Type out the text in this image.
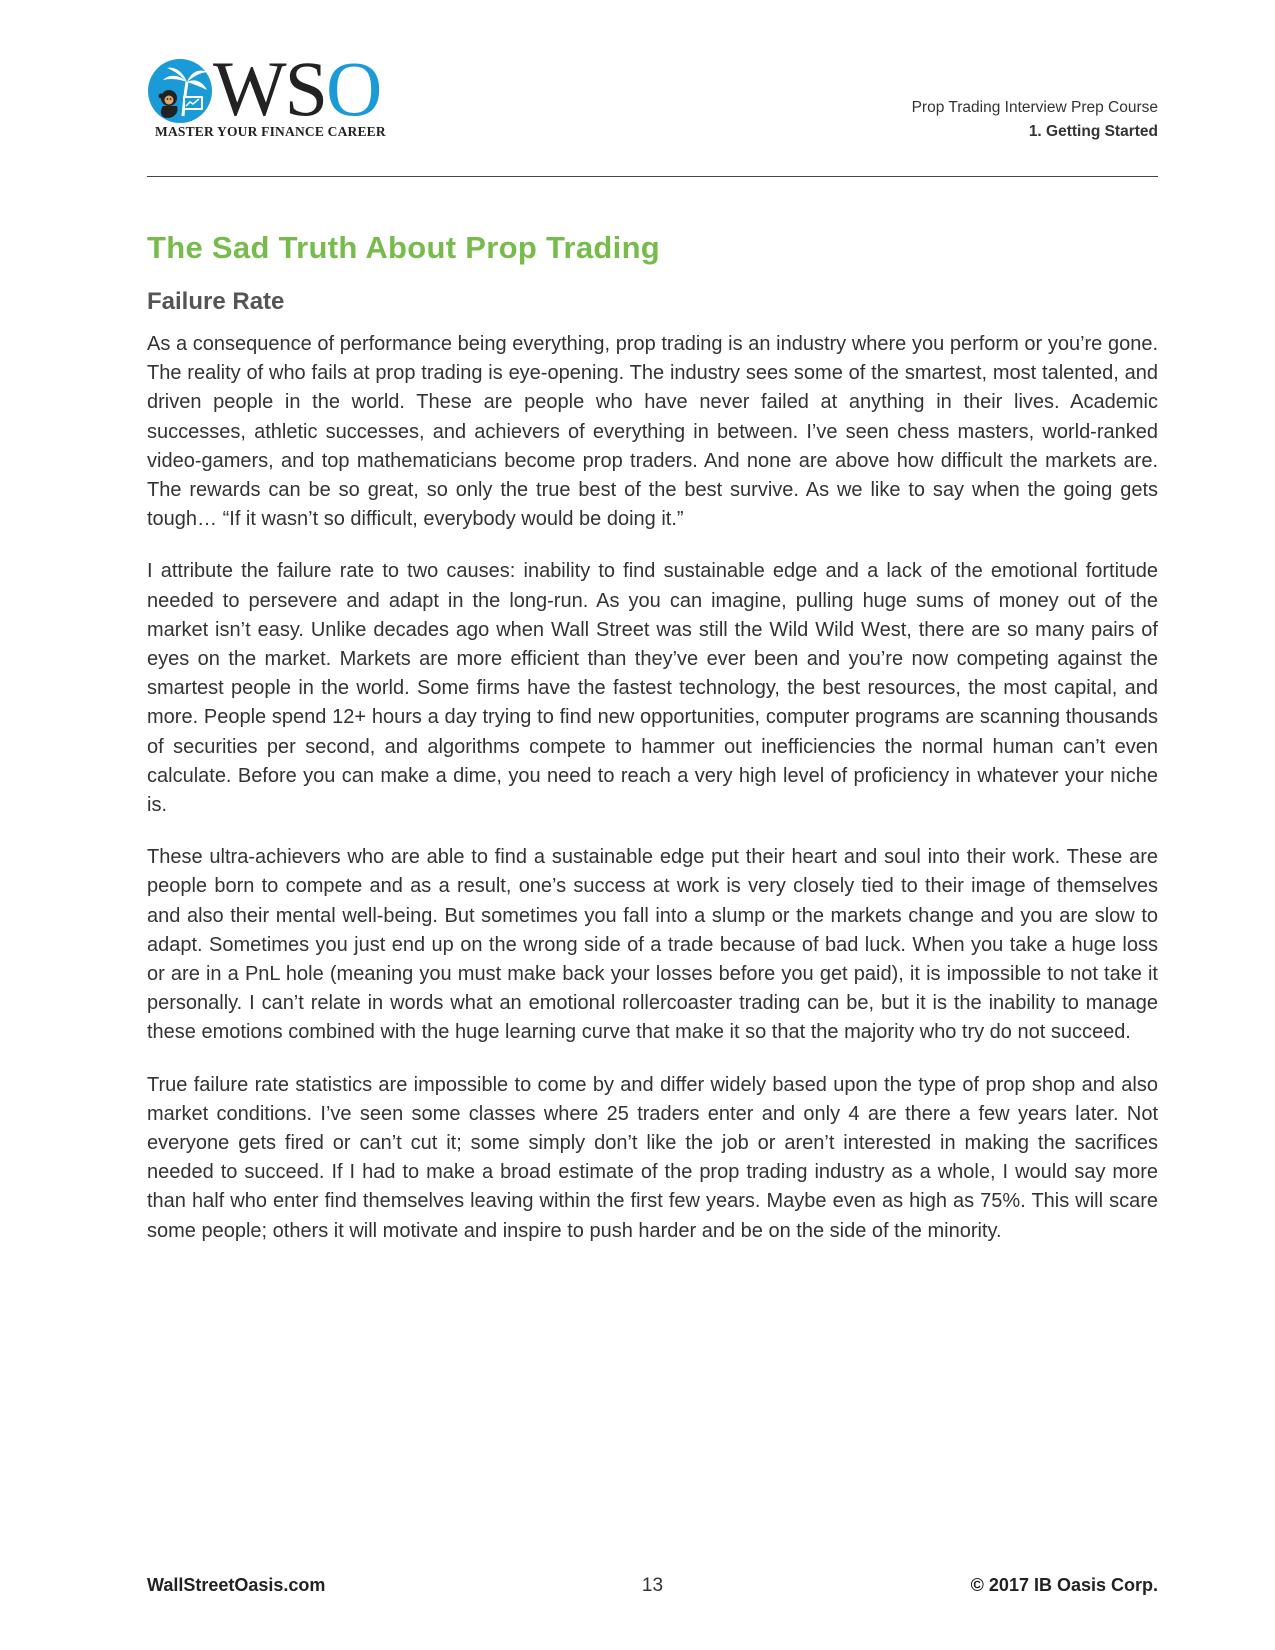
WSO
MASTER YOUR FINANCE CAREER
Prop Trading Interview Prep Course
1. Getting Started
The Sad Truth About Prop Trading
Failure Rate

As a consequence of performance being everything, prop trading is an industry where you perform or you’re gone. The reality of who fails at prop trading is eye-opening. The industry sees some of the smartest, most talented, and driven people in the world. These are people who have never failed at anything in their lives. Academic successes, athletic successes, and achievers of everything in between. I’ve seen chess masters, world-ranked video-gamers, and top mathematicians become prop traders. And none are above how difficult the markets are. The rewards can be so great, so only the true best of the best survive. As we like to say when the going gets tough… “If it wasn’t so difficult, everybody would be doing it.”

I attribute the failure rate to two causes: inability to find sustainable edge and a lack of the emotional fortitude needed to persevere and adapt in the long-run. As you can imagine, pulling huge sums of money out of the market isn’t easy. Unlike decades ago when Wall Street was still the Wild Wild West, there are so many pairs of eyes on the market. Markets are more efficient than they’ve ever been and you’re now competing against the smartest people in the world. Some firms have the fastest technology, the best resources, the most capital, and more. People spend 12+ hours a day trying to find new opportunities, computer programs are scanning thousands of securities per second, and algorithms compete to hammer out inefficiencies the normal human can’t even calculate. Before you can make a dime, you need to reach a very high level of proficiency in whatever your niche is.

These ultra-achievers who are able to find a sustainable edge put their heart and soul into their work. These are people born to compete and as a result, one’s success at work is very closely tied to their image of themselves and also their mental well-being. But sometimes you fall into a slump or the markets change and you are slow to adapt. Sometimes you just end up on the wrong side of a trade because of bad luck. When you take a huge loss or are in a PnL hole (meaning you must make back your losses before you get paid), it is impossible to not take it personally. I can’t relate in words what an emotional rollercoaster trading can be, but it is the inability to manage these emotions combined with the huge learning curve that make it so that the majority who try do not succeed.

True failure rate statistics are impossible to come by and differ widely based upon the type of prop shop and also market conditions. I’ve seen some classes where 25 traders enter and only 4 are there a few years later. Not everyone gets fired or can’t cut it; some simply don’t like the job or aren’t interested in making the sacrifices needed to succeed. If I had to make a broad estimate of the prop trading industry as a whole, I would say more than half who enter find themselves leaving within the first few years. Maybe even as high as 75%. This will scare some people; others it will motivate and inspire to push harder and be on the side of the minority.

WallStreetOasis.com	13	© 2017 IB Oasis Corp.
